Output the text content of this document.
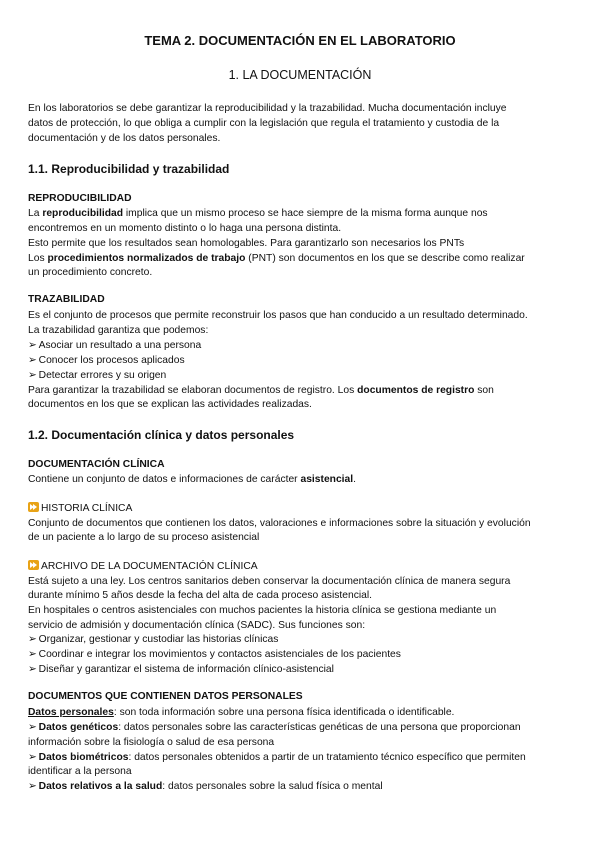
TEMA 2. DOCUMENTACIÓN EN EL LABORATORIO
1. LA DOCUMENTACIÓN
En los laboratorios se debe garantizar la reproducibilidad y la trazabilidad. Mucha documentación incluye
datos de protección, lo que obliga a cumplir con la legislación que regula el tratamiento y custodia de la
documentación y de los datos personales.
1.1. Reproducibilidad y trazabilidad
REPRODUCIBILIDAD
La reproducibilidad implica que un mismo proceso se hace siempre de la misma forma aunque nos
encontremos en un momento distinto o lo haga una persona distinta.
Esto permite que los resultados sean homologables. Para garantizarlo son necesarios los PNTs
Los procedimientos normalizados de trabajo (PNT) son documentos en los que se describe como realizar
un procedimiento concreto.
TRAZABILIDAD
Es el conjunto de procesos que permite reconstruir los pasos que han conducido a un resultado determinado.
La trazabilidad garantiza que podemos:
➢ Asociar un resultado a una persona
➢ Conocer los procesos aplicados
➢ Detectar errores y su origen
Para garantizar la trazabilidad se elaboran documentos de registro. Los documentos de registro son
documentos en los que se explican las actividades realizadas.
1.2. Documentación clínica y datos personales
DOCUMENTACIÓN CLÍNICA
Contiene un conjunto de datos e informaciones de carácter asistencial.
HISTORIA CLÍNICA
Conjunto de documentos que contienen los datos, valoraciones e informaciones sobre la situación y evolución
de un paciente a lo largo de su proceso asistencial
ARCHIVO DE LA DOCUMENTACIÓN CLÍNICA
Está sujeto a una ley. Los centros sanitarios deben conservar la documentación clínica de manera segura
durante mínimo 5 años desde la fecha del alta de cada proceso asistencial.
En hospitales o centros asistenciales con muchos pacientes la historia clínica se gestiona mediante un
servicio de admisión y documentación clínica (SADC). Sus funciones son:
➢ Organizar, gestionar y custodiar las historias clínicas
➢ Coordinar e integrar los movimientos y contactos asistenciales de los pacientes
➢ Diseñar y garantizar el sistema de información clínico-asistencial
DOCUMENTOS QUE CONTIENEN DATOS PERSONALES
Datos personales: son toda información sobre una persona física identificada o identificable.
➢ Datos genéticos: datos personales sobre las características genéticas de una persona que proporcionan
información sobre la fisiología o salud de esa persona
➢ Datos biométricos: datos personales obtenidos a partir de un tratamiento técnico específico que permiten
identificar a la persona
➢ Datos relativos a la salud: datos personales sobre la salud física o mental
